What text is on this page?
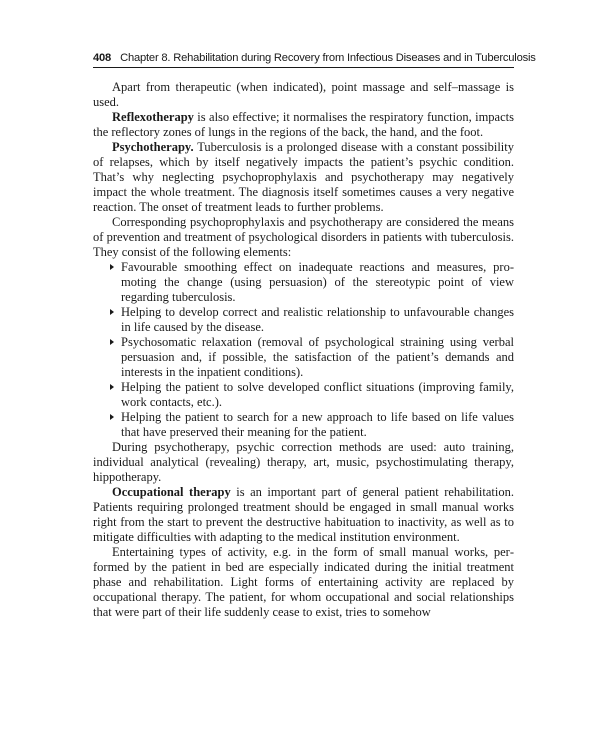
408 Chapter 8. Rehabilitation during Recovery from Infectious Diseases and in Tuberculosis

Apart from therapeutic (when indicated), point massage and self–massage is used.

Reflexotherapy is also effective; it normalises the respiratory function, impacts the reflectory zones of lungs in the regions of the back, the hand, and the foot.

Psychotherapy. Tuberculosis is a prolonged disease with a constant possibility of relapses, which by itself negatively impacts the patient’s psychic condition. That’s why neglecting psychoprophylaxis and psychotherapy may negatively impact the whole treatment. The diagnosis itself sometimes causes a very negative reaction. The onset of treatment leads to further problems.

Corresponding psychoprophylaxis and psychotherapy are considered the means of prevention and treatment of psychological disorders in patients with tuberculosis. They consist of the following elements:

Favourable smoothing effect on inadequate reactions and measures, promoting the change (using persuasion) of the stereotypic point of view regarding tuberculosis.
Helping to develop correct and realistic relationship to unfavourable changes in life caused by the disease.
Psychosomatic relaxation (removal of psychological straining using verbal persuasion and, if possible, the satisfaction of the patient’s demands and interests in the inpatient conditions).
Helping the patient to solve developed conflict situations (improving family, work contacts, etc.).
Helping the patient to search for a new approach to life based on life values that have preserved their meaning for the patient.

During psychotherapy, psychic correction methods are used: auto training, individual analytical (revealing) therapy, art, music, psychostimulating therapy, hippotherapy.

Occupational therapy is an important part of general patient rehabilitation. Patients requiring prolonged treatment should be engaged in small manual works right from the start to prevent the destructive habituation to inactivity, as well as to mitigate difficulties with adapting to the medical institution environment.

Entertaining types of activity, e.g. in the form of small manual works, performed by the patient in bed are especially indicated during the initial treatment phase and rehabilitation. Light forms of entertaining activity are replaced by occupational therapy. The patient, for whom occupational and social relationships that were part of their life suddenly cease to exist, tries to somehow
